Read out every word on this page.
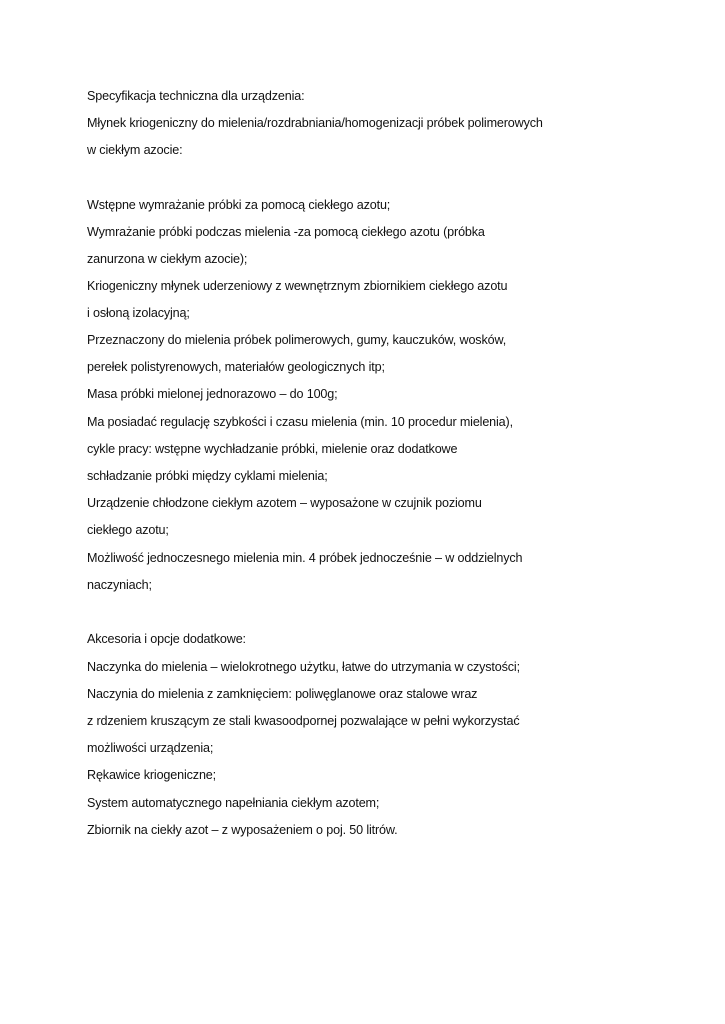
Specyfikacja techniczna dla urządzenia:
Młynek kriogeniczny do mielenia/rozdrabniania/homogenizacji próbek polimerowych
w ciekłym azocie:
Wstępne wymrażanie próbki za pomocą ciekłego azotu;
Wymrażanie próbki podczas mielenia -za pomocą ciekłego azotu (próbka
zanurzona w ciekłym azocie);
Kriogeniczny młynek uderzeniowy z wewnętrznym zbiornikiem ciekłego azotu
i osłoną izolacyjną;
Przeznaczony do mielenia próbek polimerowych, gumy, kauczuków, wosków,
perełek polistyrenowych, materiałów geologicznych itp;
Masa próbki mielonej jednorazowo – do 100g;
Ma posiadać regulację szybkości i czasu mielenia (min. 10 procedur mielenia),
cykle pracy: wstępne wychładzanie próbki, mielenie oraz dodatkowe
schładzanie próbki między cyklami mielenia;
Urządzenie chłodzone ciekłym azotem – wyposażone w czujnik poziomu
ciekłego azotu;
Możliwość jednoczesnego mielenia min. 4 próbek jednocześnie – w oddzielnych
naczyniach;
Akcesoria i opcje dodatkowe:
Naczynka do mielenia – wielokrotnego użytku, łatwe do utrzymania w czystości;
Naczynia do mielenia z zamknięciem: poliwęglanowe oraz stalowe wraz
z rdzeniem kruszącym ze stali kwasoodpornej pozwalające w pełni wykorzystać
możliwości urządzenia;
Rękawice kriogeniczne;
System automatycznego napełniania ciekłym azotem;
Zbiornik na ciekły azot – z wyposażeniem o poj. 50 litrów.
